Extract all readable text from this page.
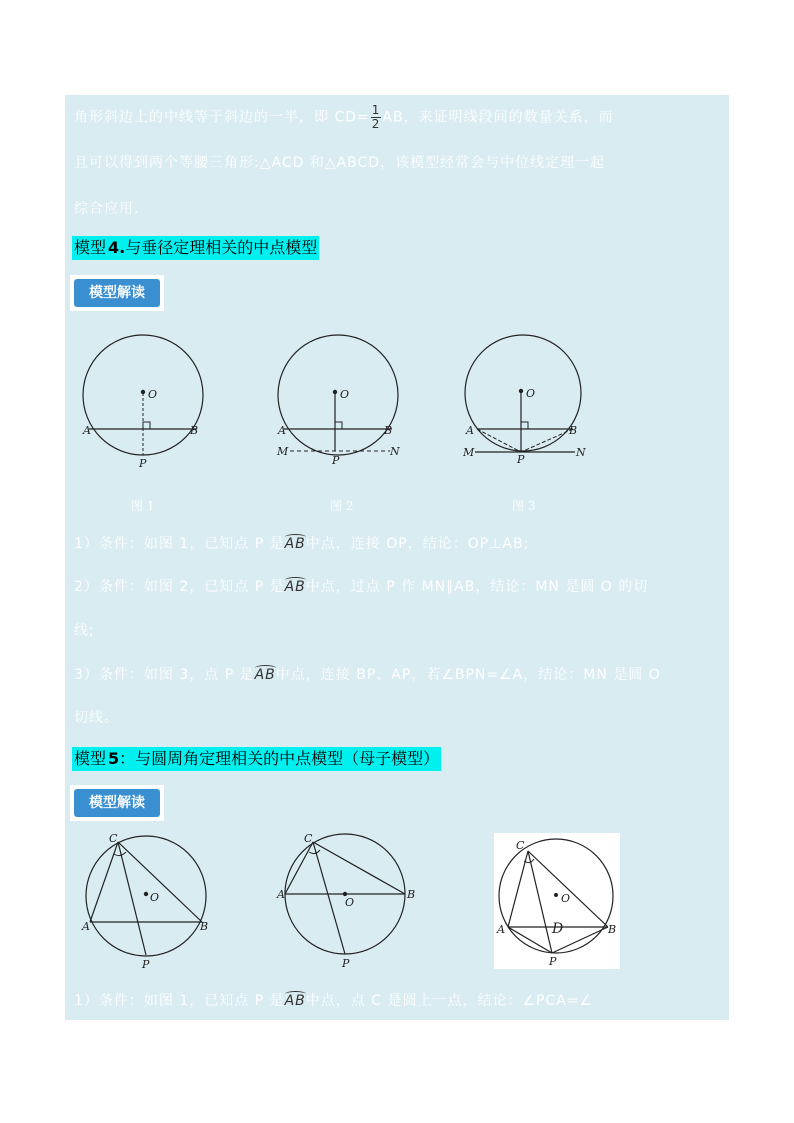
角形斜边上的中线等于斜边的一半，即 $CD= \frac{1}{2}$ AB，来证明线段间的数量关系，而
且可以得到两个等腰三角形:△ACD 和△ABCD，该模型经常会与中位线定理一起
综合应用.
模型 4.与垂径定理相关的中点模型
模型解读
O
A	B
P
O
A	B
M	N
P
O
A	B
M	N
P
图 1	图 2	图 3
1）条件：如图 1，已知点 P 是AB中点，连接 OP，结论：OP⊥AB;
2）条件：如图 2，已知点 P 是AB中点，过点 P 作 MN∥AB，结论：MN 是圆 O 的切
线;
3）条件：如图 3，点 P 是AB中点，连接 BP、AP，若∠BPN=∠A，结论：MN 是圆 O
切线。
模型 5：与圆周角定理相关的中点模型（母子模型）
模型解读
O
C
A	B
P
O
C
A	B
P
O
C
A	B
D
P
1）条件：如图 1，已知点 P 是AB中点，点 C 是圆上一点，结论：∠PCA=∠
